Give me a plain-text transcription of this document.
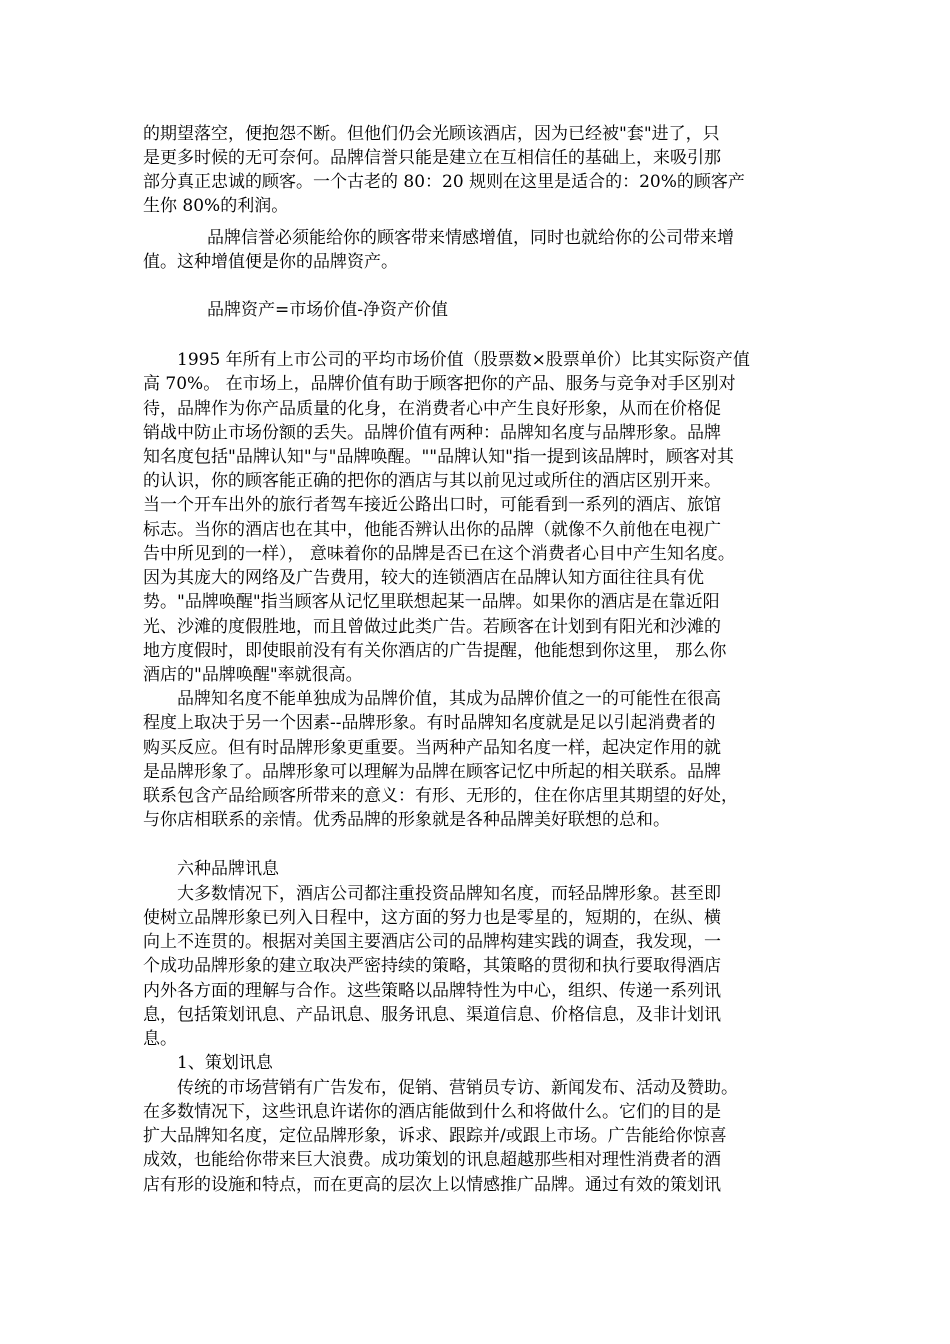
的期望落空，便抱怨不断。但他们仍会光顾该酒店，因为已经被"套"进了，只
是更多时候的无可奈何。品牌信誉只能是建立在互相信任的基础上，来吸引那
部分真正忠诚的顾客。一个古老的 80：20 规则在这里是适合的：20%的顾客产
生你 80%的利润。
品牌信誉必须能给你的顾客带来情感增值，同时也就给你的公司带来增
值。这种增值便是你的品牌资产。
品牌资产=市场价值-净资产价值
1995 年所有上市公司的平均市场价值（股票数×股票单价）比其实际资产值
高 70%。 在市场上，品牌价值有助于顾客把你的产品、服务与竞争对手区别对
待，品牌作为你产品质量的化身，在消费者心中产生良好形象，从而在价格促
销战中防止市场份额的丢失。品牌价值有两种：品牌知名度与品牌形象。品牌
知名度包括"品牌认知"与"品牌唤醒。""品牌认知"指一提到该品牌时，顾客对其
的认识，你的顾客能正确的把你的酒店与其以前见过或所住的酒店区别开来。
当一个开车出外的旅行者驾车接近公路出口时，可能看到一系列的酒店、旅馆
标志。当你的酒店也在其中，他能否辨认出你的品牌（就像不久前他在电视广
告中所见到的一样）， 意味着你的品牌是否已在这个消费者心目中产生知名度。
因为其庞大的网络及广告费用，较大的连锁酒店在品牌认知方面往往具有优
势。"品牌唤醒"指当顾客从记忆里联想起某一品牌。如果你的酒店是在靠近阳
光、沙滩的度假胜地，而且曾做过此类广告。若顾客在计划到有阳光和沙滩的
地方度假时，即使眼前没有有关你酒店的广告提醒，他能想到你这里， 那么你
酒店的"品牌唤醒"率就很高。
品牌知名度不能单独成为品牌价值，其成为品牌价值之一的可能性在很高
程度上取决于另一个因素--品牌形象。有时品牌知名度就是足以引起消费者的
购买反应。但有时品牌形象更重要。当两种产品知名度一样，起决定作用的就
是品牌形象了。品牌形象可以理解为品牌在顾客记忆中所起的相关联系。品牌
联系包含产品给顾客所带来的意义：有形、无形的，住在你店里其期望的好处，
与你店相联系的亲情。优秀品牌的形象就是各种品牌美好联想的总和。
六种品牌讯息
大多数情况下，酒店公司都注重投资品牌知名度，而轻品牌形象。甚至即
使树立品牌形象已列入日程中，这方面的努力也是零星的，短期的，在纵、横
向上不连贯的。根据对美国主要酒店公司的品牌构建实践的调查，我发现，一
个成功品牌形象的建立取决严密持续的策略，其策略的贯彻和执行要取得酒店
内外各方面的理解与合作。这些策略以品牌特性为中心，组织、传递一系列讯
息，包括策划讯息、产品讯息、服务讯息、渠道信息、价格信息，及非计划讯
息。
1、策划讯息
传统的市场营销有广告发布，促销、营销员专访、新闻发布、活动及赞助。
在多数情况下，这些讯息许诺你的酒店能做到什么和将做什么。它们的目的是
扩大品牌知名度，定位品牌形象，诉求、跟踪并/或跟上市场。广告能给你惊喜
成效，也能给你带来巨大浪费。成功策划的讯息超越那些相对理性消费者的酒
店有形的设施和特点，而在更高的层次上以情感推广品牌。通过有效的策划讯
